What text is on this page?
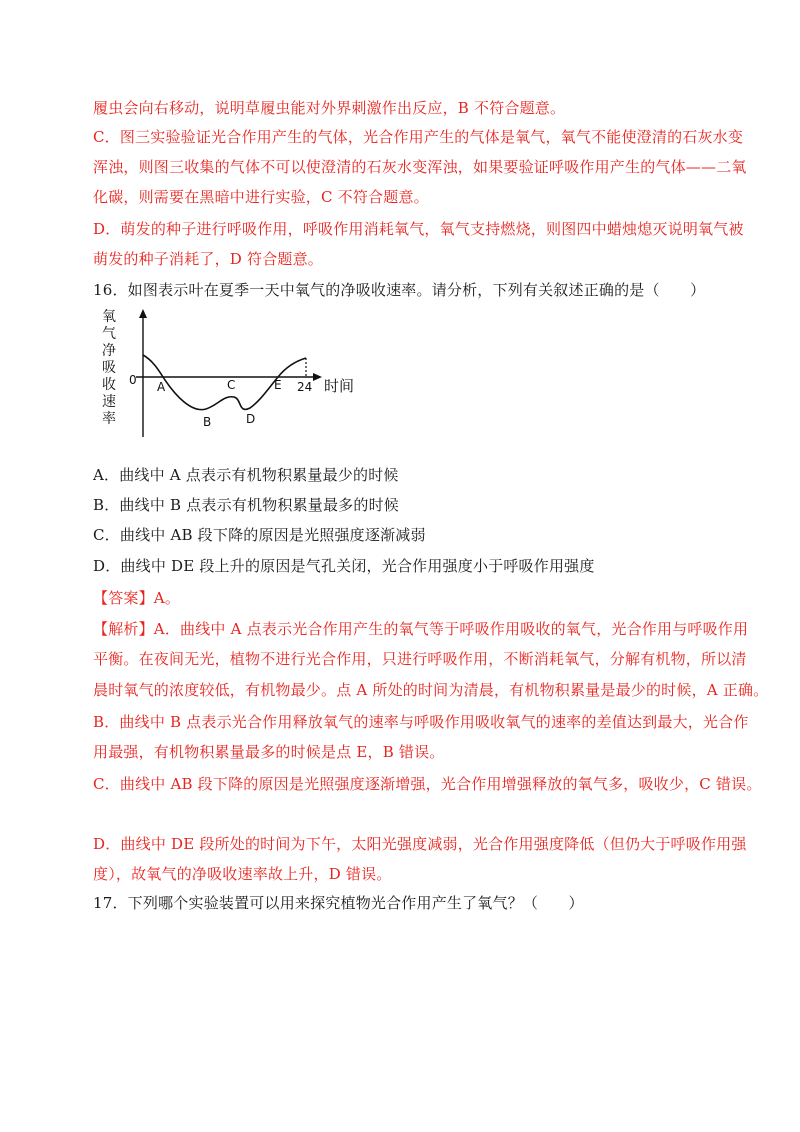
履虫会向右移动，说明草履虫能对外界刺激作出反应，B 不符合题意。
C．图三实验验证光合作用产生的气体，光合作用产生的气体是氧气，氧气不能使澄清的石灰水变
浑浊，则图三收集的气体不可以使澄清的石灰水变浑浊，如果要验证呼吸作用产生的气体——二氧
化碳，则需要在黑暗中进行实验，C 不符合题意。
D．萌发的种子进行呼吸作用，呼吸作用消耗氧气，氧气支持燃烧，则图四中蜡烛熄灭说明氧气被
萌发的种子消耗了，D 符合题意。
16．如图表示叶在夏季一天中氧气的净吸收速率。请分析，下列有关叙述正确的是（　　）
氧
气
净
吸
收
速
率
0 A
B
C
D
E 24 时间
A．曲线中 A 点表示有机物积累量最少的时候
B．曲线中 B 点表示有机物积累量最多的时候
C．曲线中 AB 段下降的原因是光照强度逐渐减弱
D．曲线中 DE 段上升的原因是气孔关闭，光合作用强度小于呼吸作用强度
【答案】A。
【解析】A．曲线中 A 点表示光合作用产生的氧气等于呼吸作用吸收的氧气，光合作用与呼吸作用
平衡。在夜间无光，植物不进行光合作用，只进行呼吸作用，不断消耗氧气，分解有机物，所以清
晨时氧气的浓度较低，有机物最少。点 A 所处的时间为清晨，有机物积累量是最少的时候，A 正确。
B．曲线中 B 点表示光合作用释放氧气的速率与呼吸作用吸收氧气的速率的差值达到最大，光合作
用最强，有机物积累量最多的时候是点 E，B 错误。
C．曲线中 AB 段下降的原因是光照强度逐渐增强，光合作用增强释放的氧气多，吸收少，C 错误。
D．曲线中 DE 段所处的时间为下午，太阳光强度减弱，光合作用强度降低（但仍大于呼吸作用强
度），故氧气的净吸收速率故上升，D 错误。
17．下列哪个实验装置可以用来探究植物光合作用产生了氧气？（　　）
